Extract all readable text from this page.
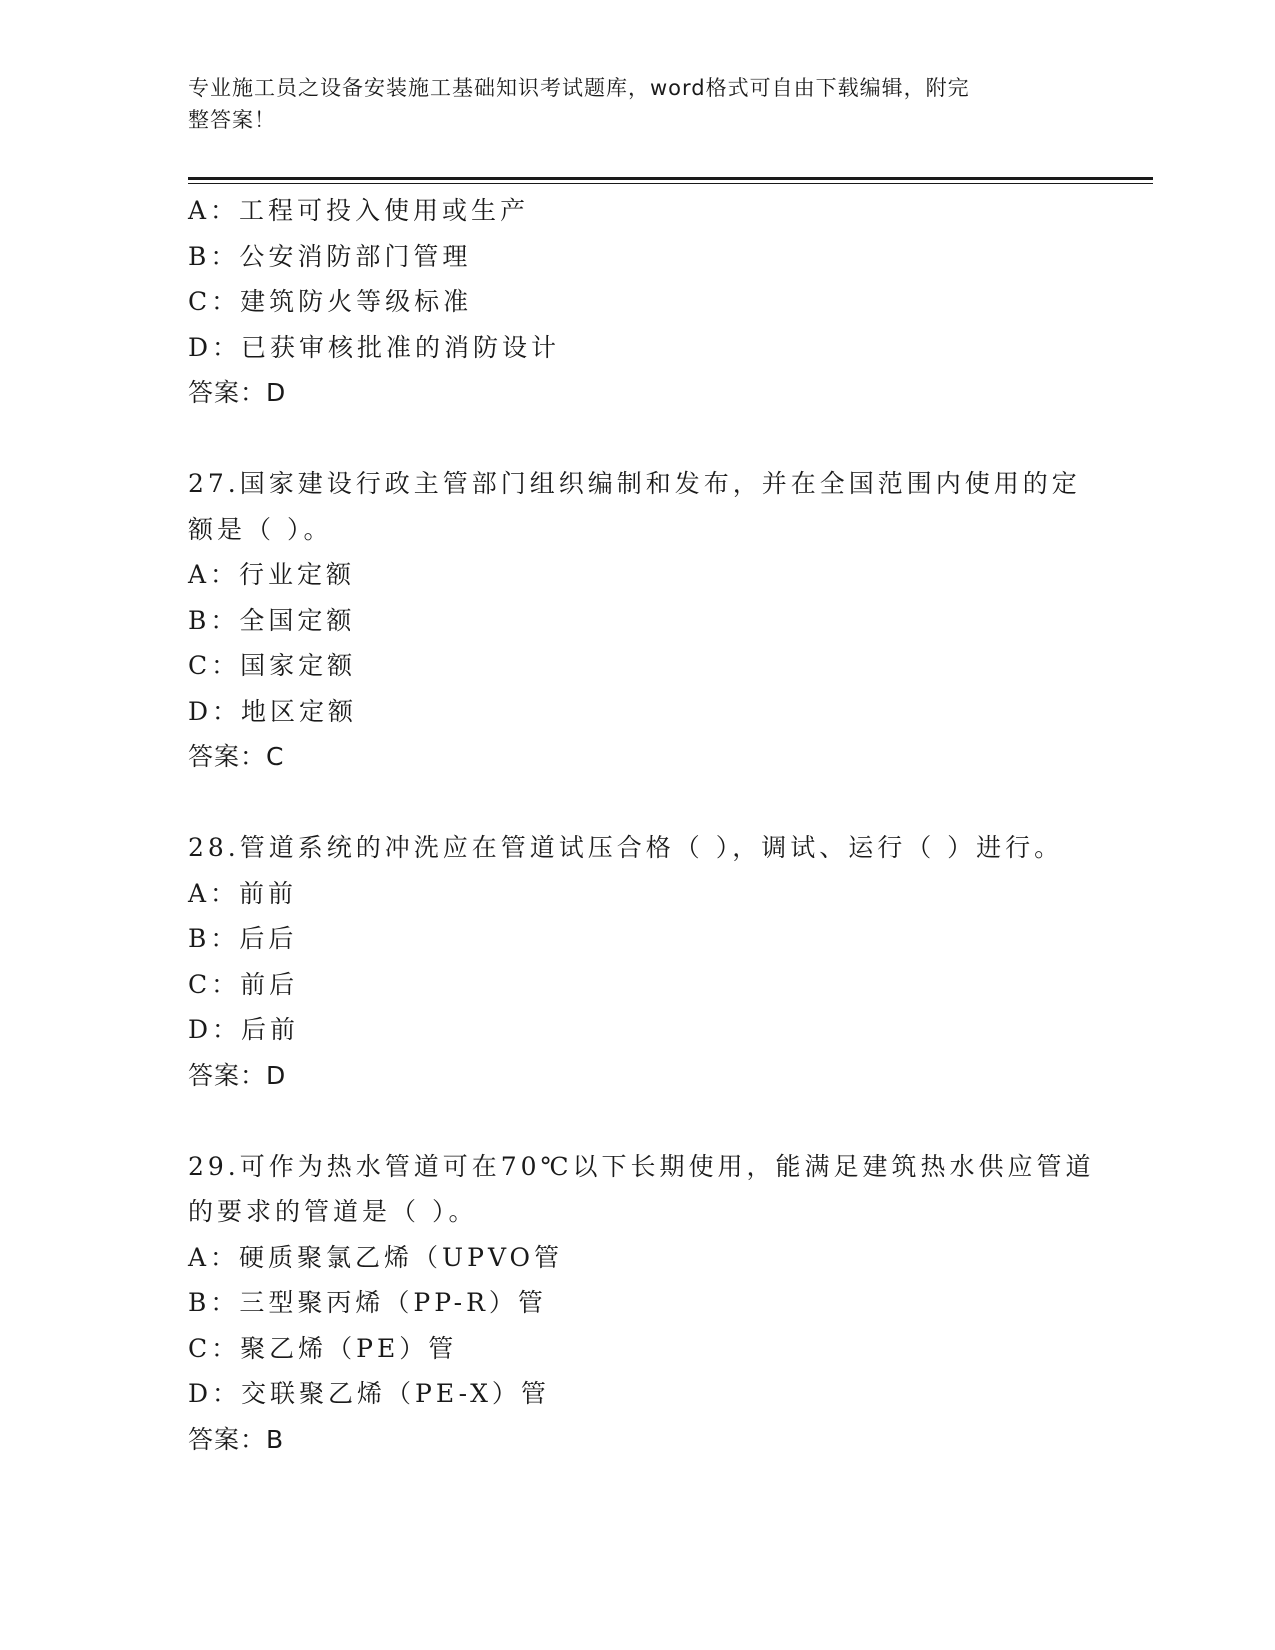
专业施工员之设备安装施工基础知识考试题库，word格式可自由下载编辑，附完
整答案！
A：工程可投入使用或生产
B：公安消防部门管理
C：建筑防火等级标准
D：已获审核批准的消防设计
答案：D
27.国家建设行政主管部门组织编制和发布，并在全国范围内使用的定
额是（ ）。
A：行业定额
B：全国定额
C：国家定额
D：地区定额
答案：C
28.管道系统的冲洗应在管道试压合格（ ），调试、运行（ ）进行。
A：前前
B：后后
C：前后
D：后前
答案：D
29.可作为热水管道可在70℃以下长期使用，能满足建筑热水供应管道
的要求的管道是（ ）。
A：硬质聚氯乙烯（UPVO管
B：三型聚丙烯（PP-R）管
C：聚乙烯（PE）管
D：交联聚乙烯（PE-X）管
答案：B
